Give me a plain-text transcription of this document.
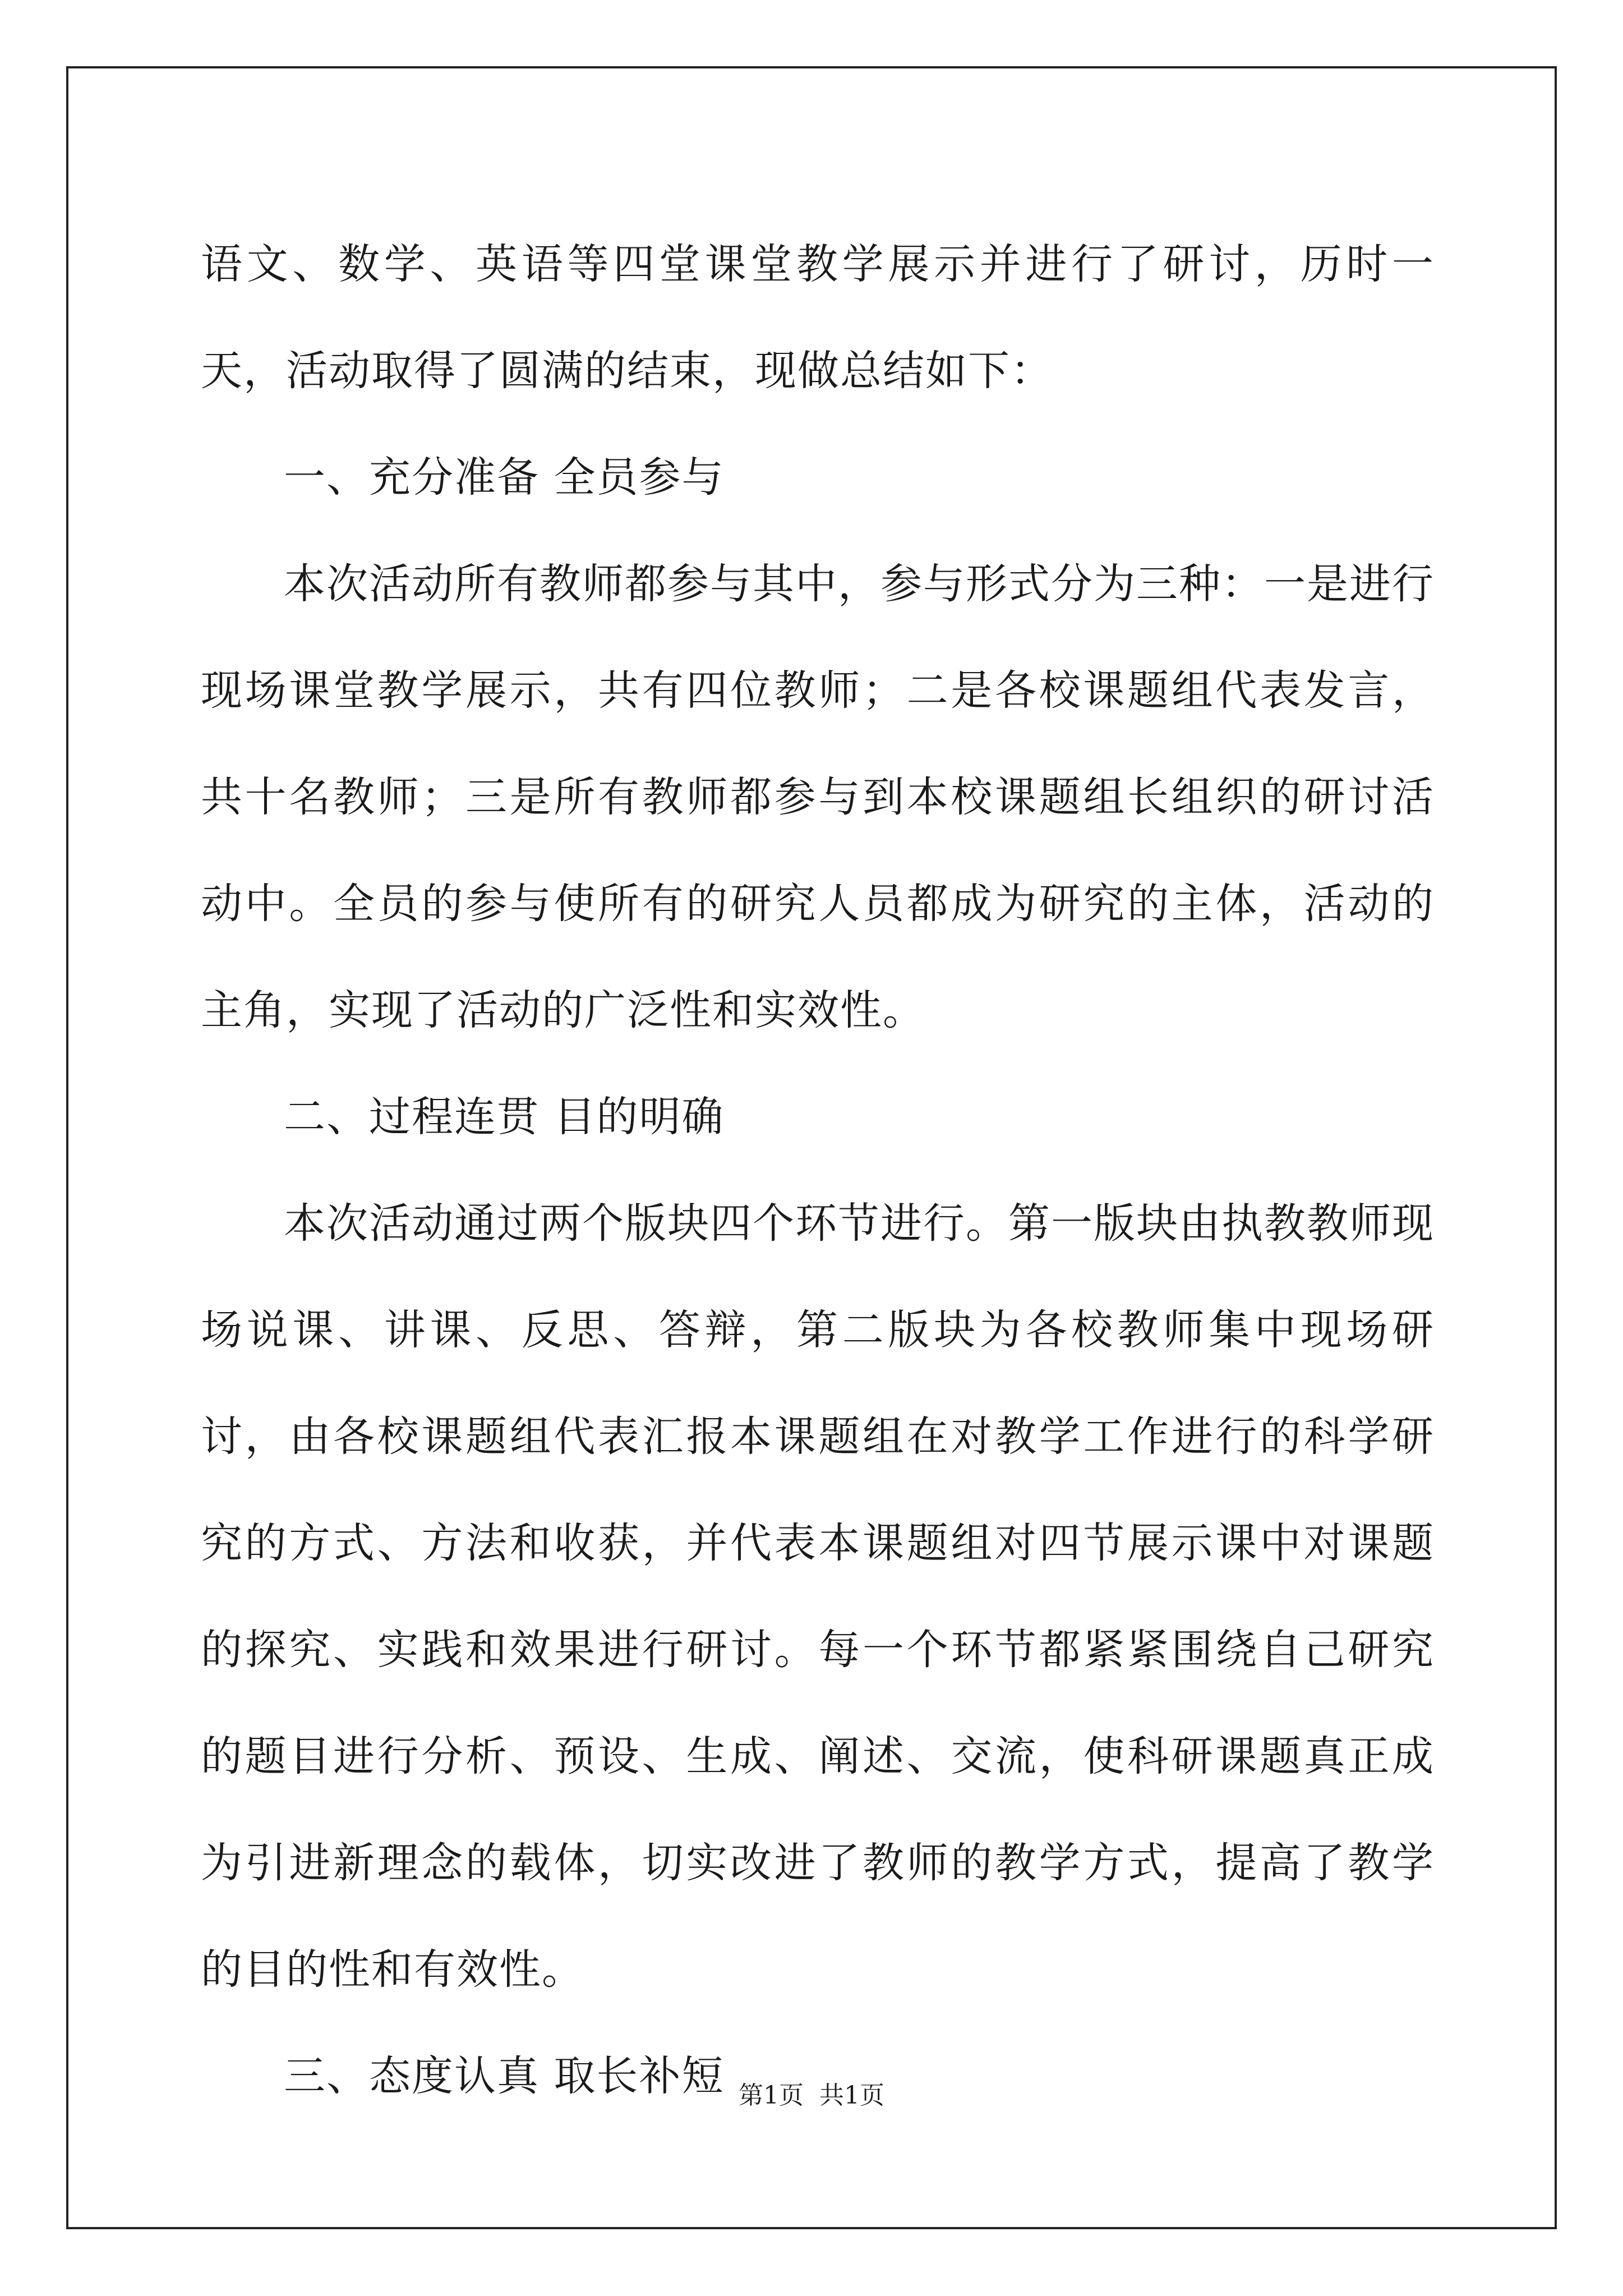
语文、数学、英语等四堂课堂教学展示并进行了研讨，历时一天，活动取得了圆满的结束，现做总结如下：

一、充分准备 全员参与

本次活动所有教师都参与其中，参与形式分为三种：一是进行现场课堂教学展示，共有四位教师；二是各校课题组代表发言，共十名教师；三是所有教师都参与到本校课题组长组织的研讨活动中。全员的参与使所有的研究人员都成为研究的主体，活动的主角，实现了活动的广泛性和实效性。

二、过程连贯 目的明确

本次活动通过两个版块四个环节进行。第一版块由执教教师现场说课、讲课、反思、答辩，第二版块为各校教师集中现场研讨，由各校课题组代表汇报本课题组在对教学工作进行的科学研究的方式、方法和收获，并代表本课题组对四节展示课中对课题的探究、实践和效果进行研讨。每一个环节都紧紧围绕自己研究的题目进行分析、预设、生成、阐述、交流，使科研课题真正成为引进新理念的载体，切实改进了教师的教学方式，提高了教学的目的性和有效性。

三、态度认真 取长补短 第1页  共1页
